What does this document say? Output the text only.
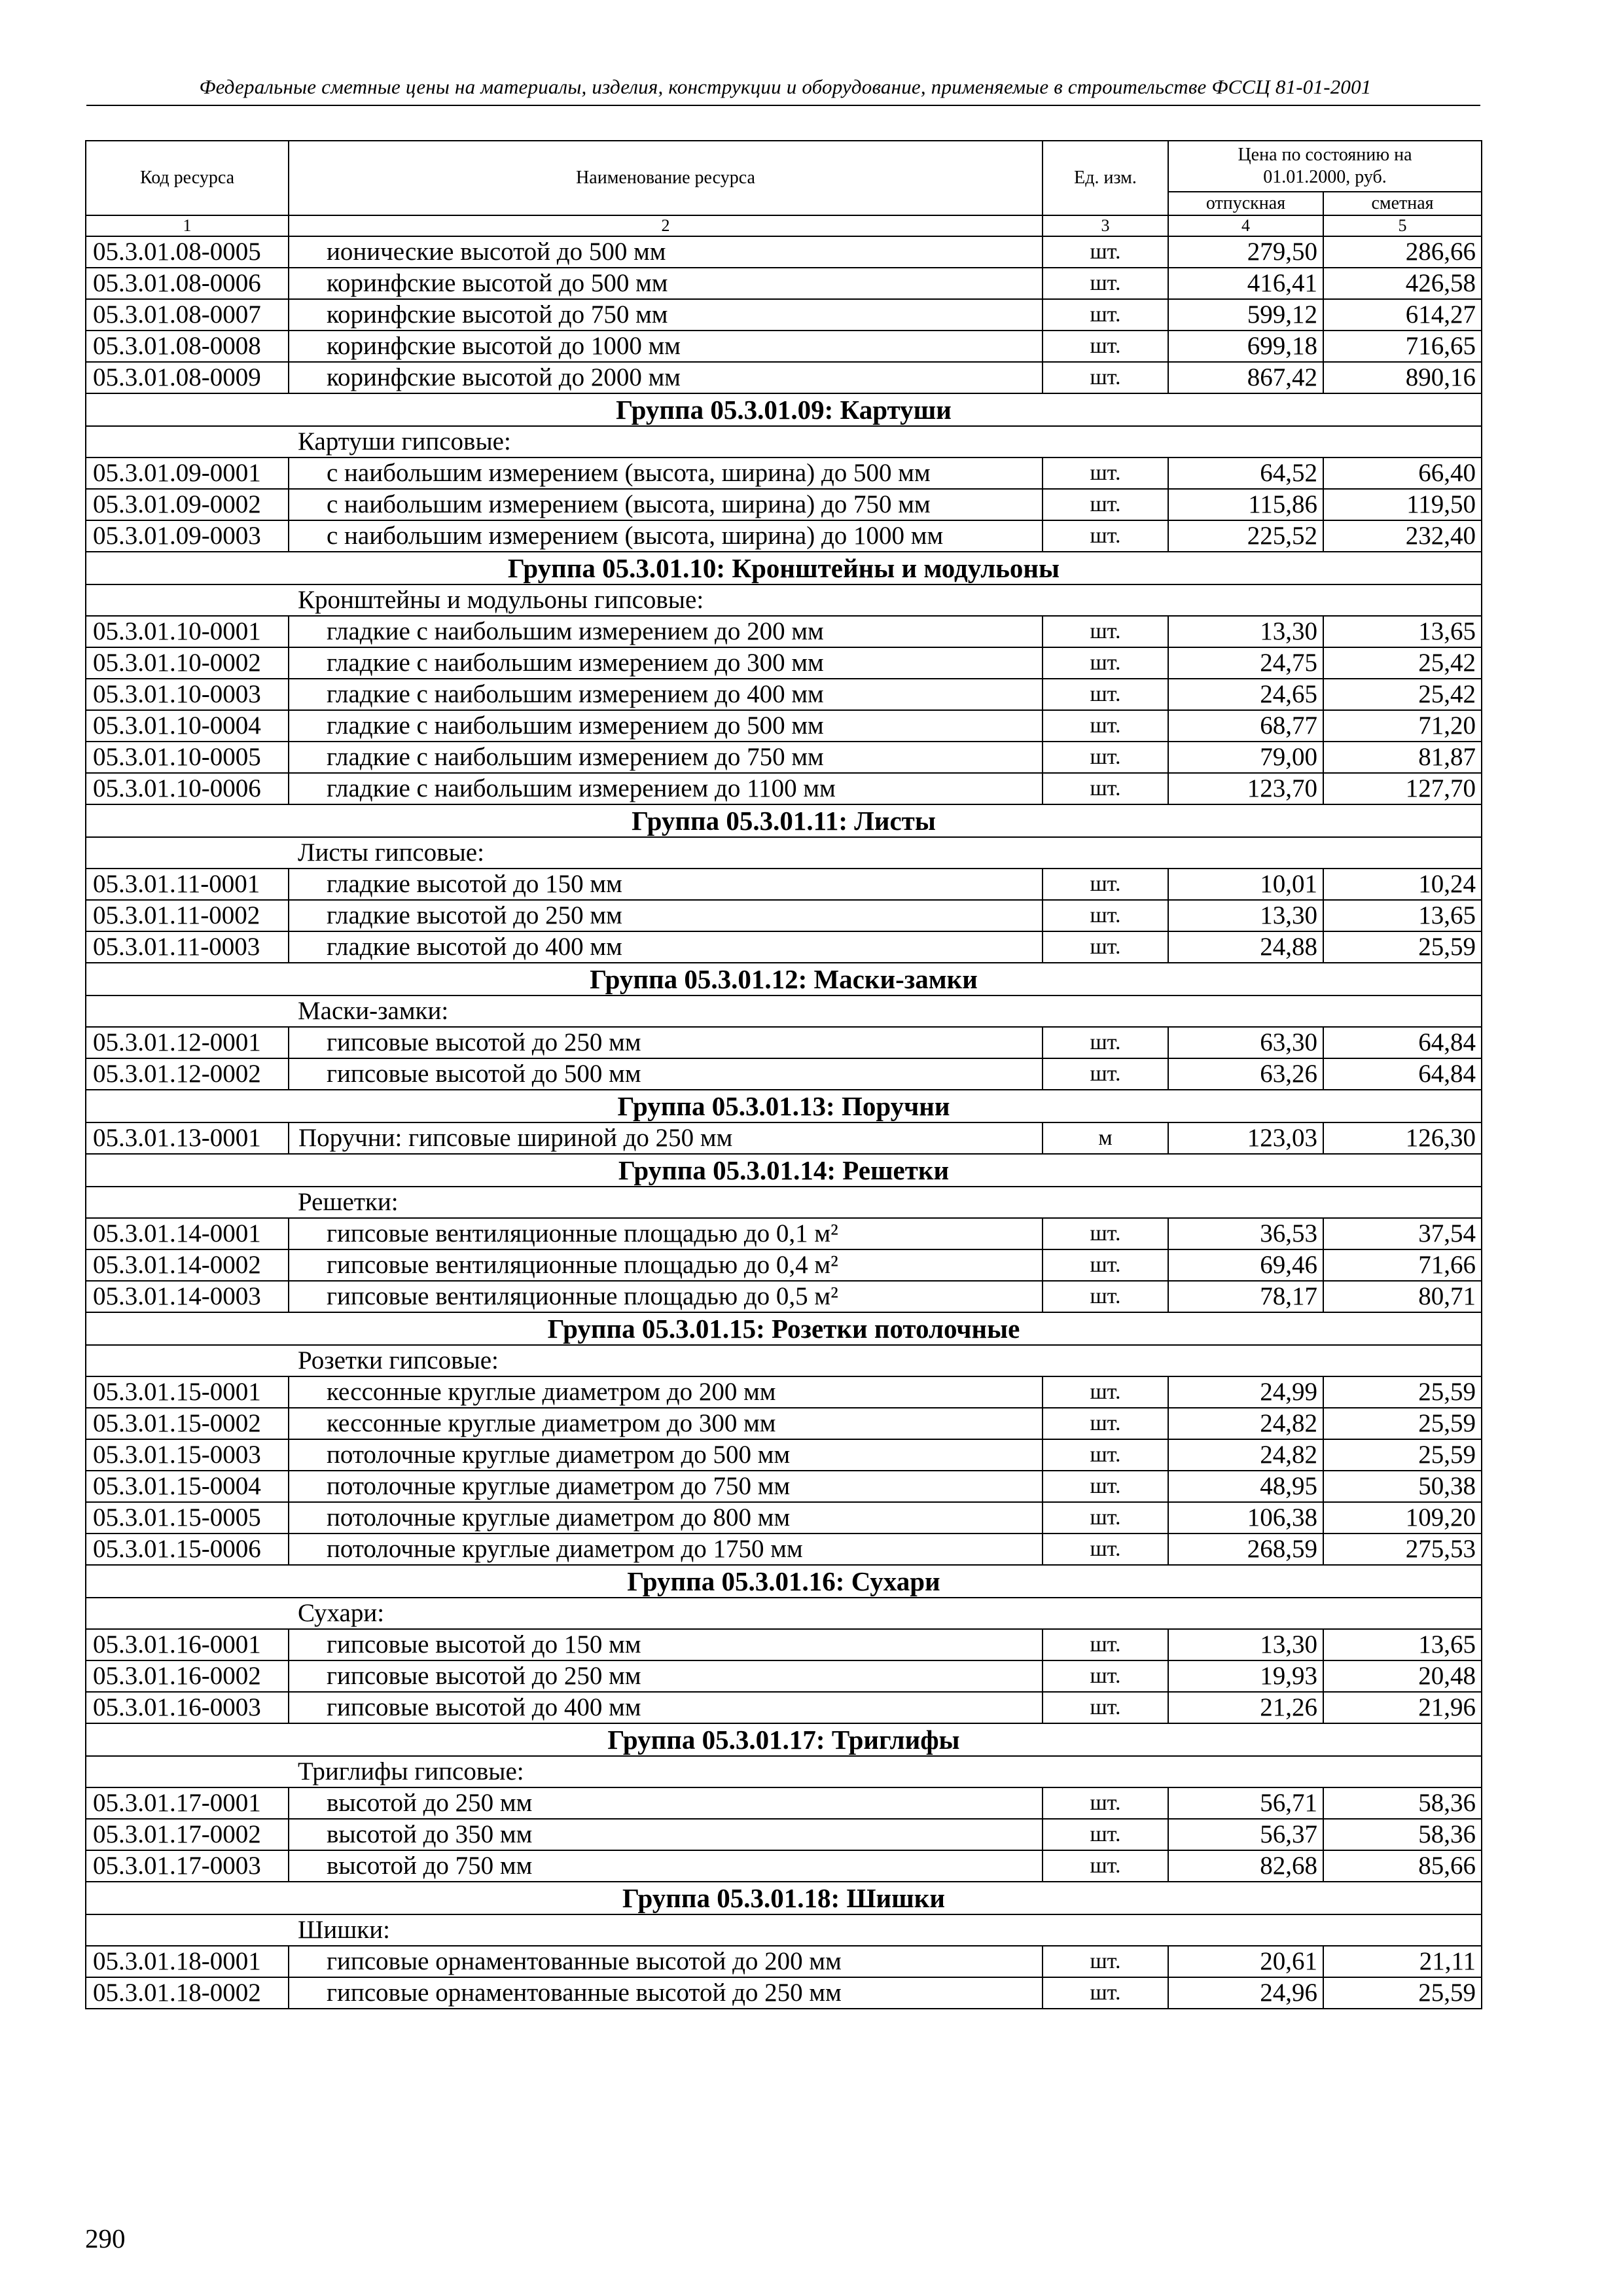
Федеральные сметные цены на материалы, изделия, конструкции и оборудование, применяемые в строительстве ФССЦ 81-01-2001
Код ресурса	Наименование ресурса	Ед. изм.	Цена по состоянию на 01.01.2000, руб.	

			отпускная	сметная
1	2	3	4	5
05.3.01.08-0005	ионические высотой до 500 мм	шт.	279,50	286,66
05.3.01.08-0006	коринфские высотой до 500 мм	шт.	416,41	426,58
05.3.01.08-0007	коринфские высотой до 750 мм	шт.	599,12	614,27
05.3.01.08-0008	коринфские высотой до 1000 мм	шт.	699,18	716,65
05.3.01.08-0009	коринфские высотой до 2000 мм	шт.	867,42	890,16
Группа 05.3.01.09: Картуши				
	Картуши гипсовые:			
05.3.01.09-0001	с наибольшим измерением (высота, ширина) до 500 мм	шт.	64,52	66,40
05.3.01.09-0002	с наибольшим измерением (высота, ширина) до 750 мм	шт.	115,86	119,50
05.3.01.09-0003	с наибольшим измерением (высота, ширина) до 1000 мм	шт.	225,52	232,40
Группа 05.3.01.10: Кронштейны и модульоны				
	Кронштейны и модульоны гипсовые:			
05.3.01.10-0001	гладкие с наибольшим измерением до 200 мм	шт.	13,30	13,65
05.3.01.10-0002	гладкие с наибольшим измерением до 300 мм	шт.	24,75	25,42
05.3.01.10-0003	гладкие с наибольшим измерением до 400 мм	шт.	24,65	25,42
05.3.01.10-0004	гладкие с наибольшим измерением до 500 мм	шт.	68,77	71,20
05.3.01.10-0005	гладкие с наибольшим измерением до 750 мм	шт.	79,00	81,87
05.3.01.10-0006	гладкие с наибольшим измерением до 1100 мм	шт.	123,70	127,70
Группа 05.3.01.11: Листы				
	Листы гипсовые:			
05.3.01.11-0001	гладкие высотой до 150 мм	шт.	10,01	10,24
05.3.01.11-0002	гладкие высотой до 250 мм	шт.	13,30	13,65
05.3.01.11-0003	гладкие высотой до 400 мм	шт.	24,88	25,59
Группа 05.3.01.12: Маски-замки				
	Маски-замки:			
05.3.01.12-0001	гипсовые высотой до 250 мм	шт.	63,30	64,84
05.3.01.12-0002	гипсовые высотой до 500 мм	шт.	63,26	64,84
Группа 05.3.01.13: Поручни				
05.3.01.13-0001	Поручни: гипсовые шириной до 250 мм	м	123,03	126,30
Группа 05.3.01.14: Решетки				
	Решетки:			
05.3.01.14-0001	гипсовые вентиляционные площадью до 0,1 м²	шт.	36,53	37,54
05.3.01.14-0002	гипсовые вентиляционные площадью до 0,4 м²	шт.	69,46	71,66
05.3.01.14-0003	гипсовые вентиляционные площадью до 0,5 м²	шт.	78,17	80,71
Группа 05.3.01.15: Розетки потолочные				
	Розетки гипсовые:			
05.3.01.15-0001	кессонные круглые диаметром до 200 мм	шт.	24,99	25,59
05.3.01.15-0002	кессонные круглые диаметром до 300 мм	шт.	24,82	25,59
05.3.01.15-0003	потолочные круглые диаметром до 500 мм	шт.	24,82	25,59
05.3.01.15-0004	потолочные круглые диаметром до 750 мм	шт.	48,95	50,38
05.3.01.15-0005	потолочные круглые диаметром до 800 мм	шт.	106,38	109,20
05.3.01.15-0006	потолочные круглые диаметром до 1750 мм	шт.	268,59	275,53
Группа 05.3.01.16: Сухари				
	Сухари:			
05.3.01.16-0001	гипсовые высотой до 150 мм	шт.	13,30	13,65
05.3.01.16-0002	гипсовые высотой до 250 мм	шт.	19,93	20,48
05.3.01.16-0003	гипсовые высотой до 400 мм	шт.	21,26	21,96
Группа 05.3.01.17: Триглифы				
	Триглифы гипсовые:			
05.3.01.17-0001	высотой до 250 мм	шт.	56,71	58,36
05.3.01.17-0002	высотой до 350 мм	шт.	56,37	58,36
05.3.01.17-0003	высотой до 750 мм	шт.	82,68	85,66
Группа 05.3.01.18: Шишки				
	Шишки:			
05.3.01.18-0001	гипсовые орнаментованные высотой до 200 мм	шт.	20,61	21,11
05.3.01.18-0002	гипсовые орнаментованные высотой до 250 мм	шт.	24,96	25,59
290
